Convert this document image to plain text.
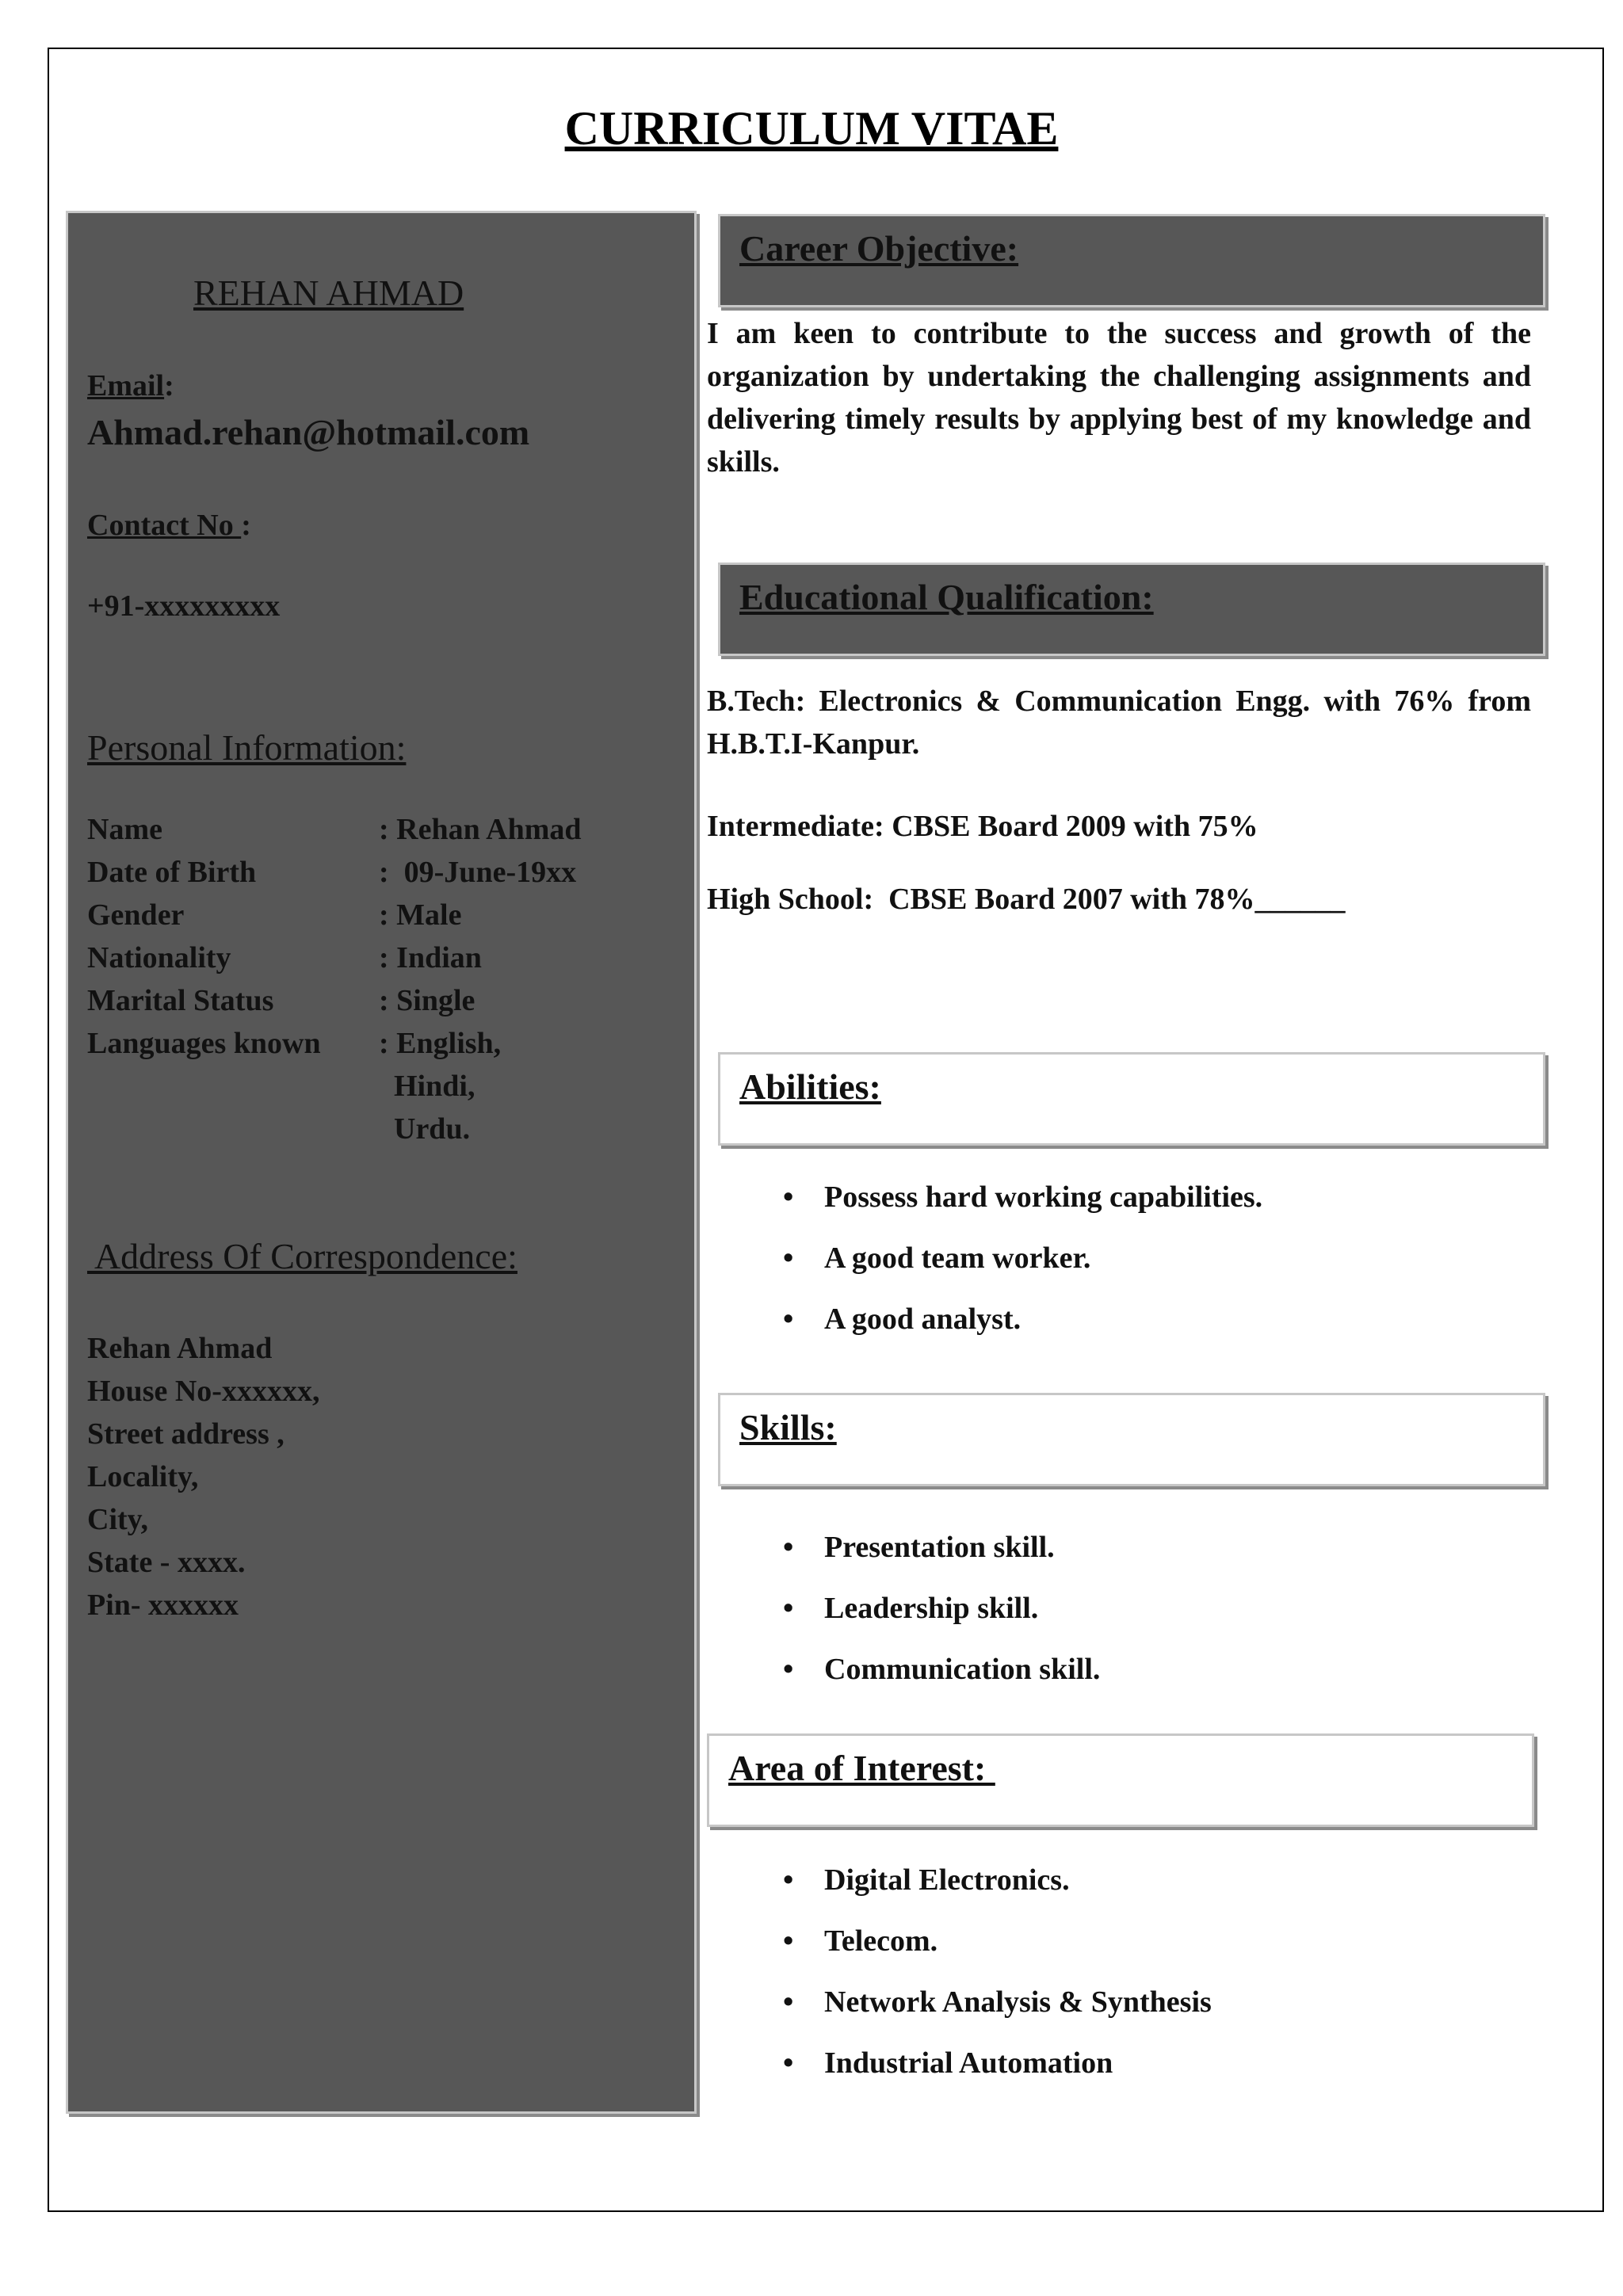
CURRICULUM VITAE
REHAN AHMAD
Email:
Ahmad.rehan@hotmail.com
Contact No :
+91-xxxxxxxxx
Personal Information:
Name	: Rehan Ahmad
Date of Birth	:  09-June-19xx
Gender	: Male
Nationality	: Indian
Marital Status	: Single
Languages known	: English,
	Hindi,
	Urdu.
Address Of Correspondence:
Rehan Ahmad
House No-xxxxxx,
Street address ,
Locality,
City,
State - xxxx.
Pin- xxxxxx
Career Objective:

I am keen to contribute to the success and growth of the organization by undertaking the challenging assignments and delivering timely results by applying best of my knowledge and skills.

Educational Qualification:

B.Tech: Electronics & Communication Engg. with 76% from H.B.T.I-Kanpur.

Intermediate: CBSE Board 2009 with 75%

High School:  CBSE Board 2007 with 78%______

Abilities:
• Possess hard working capabilities.
• A good team worker.
• A good analyst.
Skills:
• Presentation skill.
• Leadership skill.
• Communication skill.
Area of Interest:
• Digital Electronics.
• Telecom.
• Network Analysis & Synthesis
• Industrial Automation
